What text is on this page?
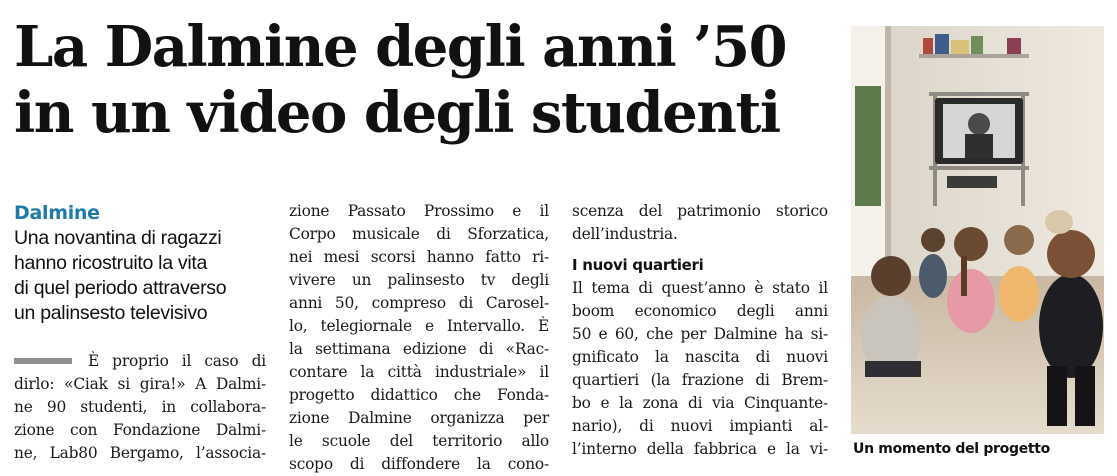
La Dalmine degli anni ’50
in un video degli studenti
Dalmine

Una novantina di ragazzi
hanno ricostruito la vita
di quel periodo attraverso
un palinsesto televisivo

È proprio il caso di
dirlo: «Ciak si gira!» A Dalmi-
ne 90 studenti, in collabora-
zione con Fondazione Dalmi-
ne, Lab80 Bergamo, l’associa-
zione Passato Prossimo e il
Corpo musicale di Sforzatica,
nei mesi scorsi hanno fatto ri-
vivere un palinsesto tv degli
anni 50, compreso di Carosel-
lo, telegiornale e Intervallo. È
la settimana edizione di «Rac-
contare la città industriale» il
progetto didattico che Fonda-
zione Dalmine organizza per
le scuole del territorio allo
scopo di diffondere la cono-
scenza del patrimonio storico
dell’industria.
I nuovi quartieri
Il tema di quest’anno è stato il
boom economico degli anni
50 e 60, che per Dalmine ha si-
gnificato la nascita di nuovi
quartieri (la frazione di Brem-
bo e la zona di via Cinquante-
nario), di nuovi impianti al-
l’interno della fabbrica e la vi- Un momento del progetto
